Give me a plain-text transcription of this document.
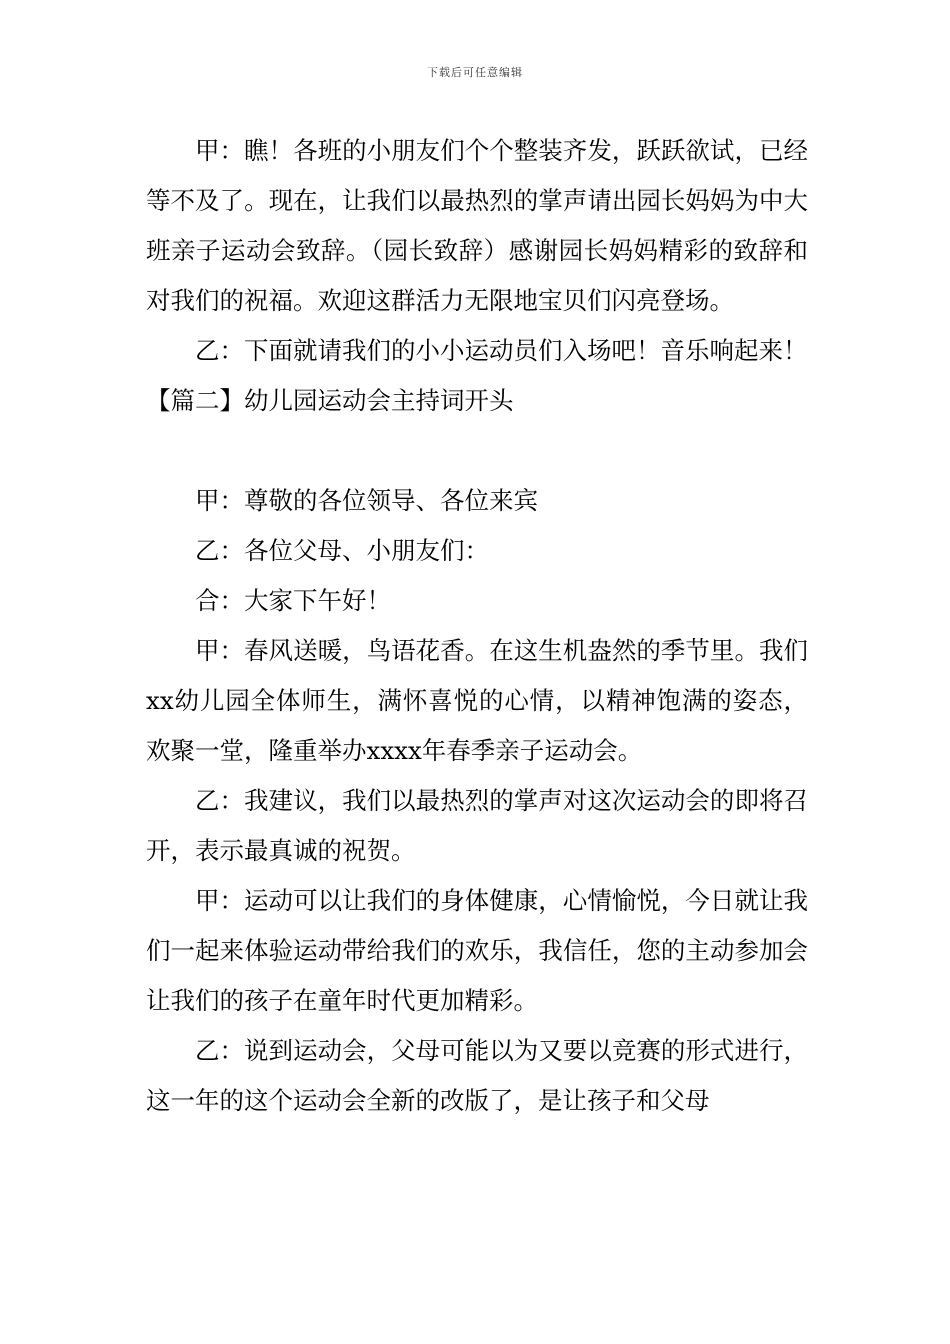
下载后可任意编辑

甲：瞧！各班的小朋友们个个整装齐发，跃跃欲试，已经等不及了。现在，让我们以最热烈的掌声请出园长妈妈为中大班亲子运动会致辞。（园长致辞）感谢园长妈妈精彩的致辞和对我们的祝福。欢迎这群活力无限地宝贝们闪亮登场。

乙：下面就请我们的小小运动员们入场吧！音乐响起来！

【篇二】幼儿园运动会主持词开头

甲：尊敬的各位领导、各位来宾

乙：各位父母、小朋友们：

合：大家下午好！

甲：春风送暖，鸟语花香。在这生机盎然的季节里。我们xx幼儿园全体师生，满怀喜悦的心情，以精神饱满的姿态，欢聚一堂，隆重举办xxxx年春季亲子运动会。

乙：我建议，我们以最热烈的掌声对这次运动会的即将召开，表示最真诚的祝贺。

甲：运动可以让我们的身体健康，心情愉悦，今日就让我们一起来体验运动带给我们的欢乐，我信任，您的主动参加会让我们的孩子在童年时代更加精彩。

乙：说到运动会，父母可能以为又要以竞赛的形式进行，这一年的这个运动会全新的改版了，是让孩子和父母
